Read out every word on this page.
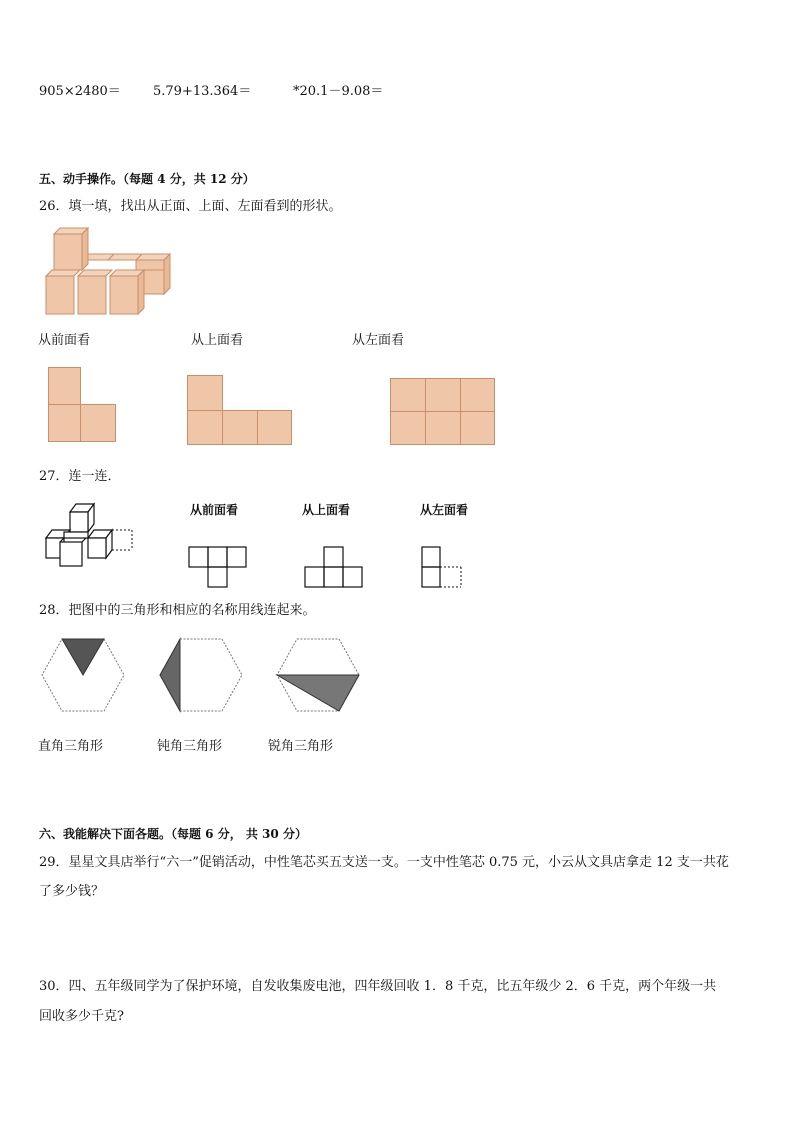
905×2480＝ 5.79+13.364＝	*20.1－9.08＝
五、动手操作。（每题 4 分，共 12 分）
26．填一填，找出从正面、上面、左面看到的形状。
从前面看	从上面看	从左面看
27．连一连．
从前面看	从上面看	从左面看
28．把图中的三角形和相应的名称用线连起来。
直角三角形	钝角三角形	锐角三角形
六、我能解决下面各题。（每题 6 分， 共 30 分）
29．星星文具店举行“六一”促销活动，中性笔芯买五支送一支。一支中性笔芯 0.75 元，小云从文具店拿走 12 支一共花
了多少钱？
30．四、五年级同学为了保护环境，自发收集废电池，四年级回收 1．8 千克，比五年级少 2．6 千克，两个年级一共
回收多少千克?
